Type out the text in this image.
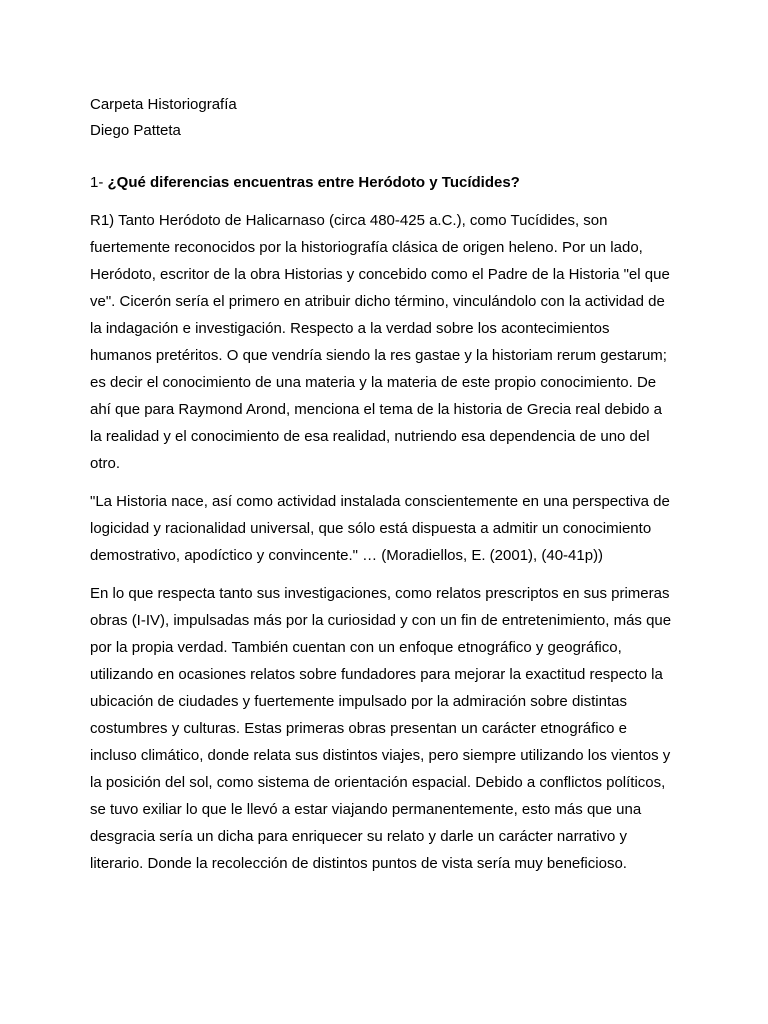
Carpeta Historiografía

Diego Patteta

1- ¿Qué diferencias encuentras entre Heródoto y Tucídides?

R1) Tanto Heródoto de Halicarnaso (circa 480-425 a.C.), como Tucídides, son
fuertemente reconocidos por la historiografía clásica de origen heleno. Por un lado,
Heródoto, escritor de la obra Historias y concebido como el Padre de la Historia "el que
ve". Cicerón sería el primero en atribuir dicho término, vinculándolo con la actividad de
la indagación e investigación. Respecto a la verdad sobre los acontecimientos
humanos pretéritos. O que vendría siendo la res gastae y la historiam rerum gestarum;
es decir el conocimiento de una materia y la materia de este propio conocimiento. De
ahí que para Raymond Arond, menciona el tema de la historia de Grecia real debido a
la realidad y el conocimiento de esa realidad, nutriendo esa dependencia de uno del
otro.

"La Historia nace, así como actividad instalada conscientemente en una perspectiva de
logicidad y racionalidad universal, que sólo está dispuesta a admitir un conocimiento
demostrativo, apodíctico y convincente." … (Moradiellos, E. (2001), (40-41p))

En lo que respecta tanto sus investigaciones, como relatos prescriptos en sus primeras
obras (I-IV), impulsadas más por la curiosidad y con un fin de entretenimiento, más que
por la propia verdad. También cuentan con un enfoque etnográfico y geográfico,
utilizando en ocasiones relatos sobre fundadores para mejorar la exactitud respecto la
ubicación de ciudades y fuertemente impulsado por la admiración sobre distintas
costumbres y culturas. Estas primeras obras presentan un carácter etnográfico e
incluso climático, donde relata sus distintos viajes, pero siempre utilizando los vientos y
la posición del sol, como sistema de orientación espacial. Debido a conflictos políticos,
se tuvo exiliar lo que le llevó a estar viajando permanentemente, esto más que una
desgracia sería un dicha para enriquecer su relato y darle un carácter narrativo y
literario. Donde la recolección de distintos puntos de vista sería muy beneficioso.
